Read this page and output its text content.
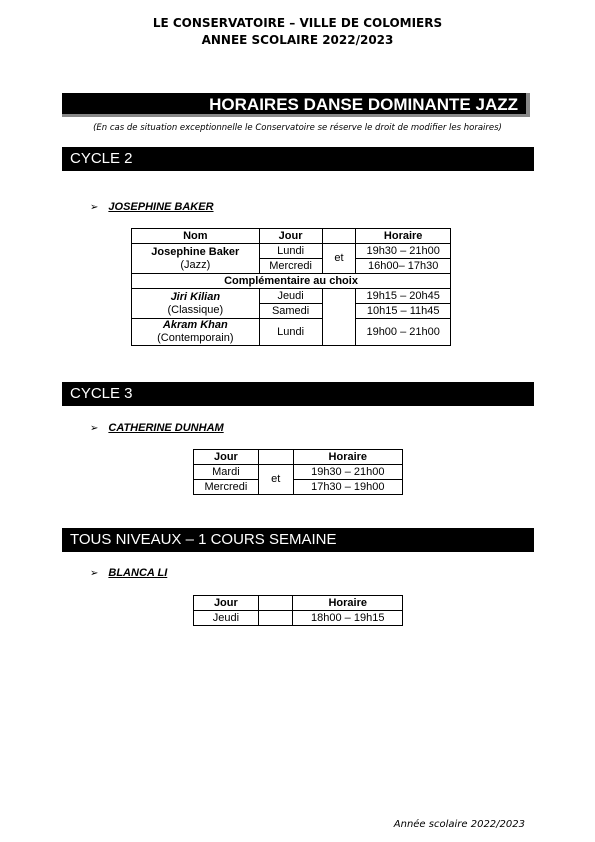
LE CONSERVATOIRE – VILLE DE COLOMIERS
ANNEE SCOLAIRE 2022/2023
HORAIRES DANSE DOMINANTE JAZZ
(En cas de situation exceptionnelle le Conservatoire se réserve le droit de modifier les horaires)
CYCLE 2
➢ JOSEPHINE BAKER
Nom	Jour		Horaire

Josephine Baker
(Jazz)	Lundi	et	19h30 – 21h00
	Mercredi		16h00– 17h30
Complémentaire au choix			

Jiri Kilian
(Classique)	Jeudi		19h15 – 20h45
	Samedi		10h15 – 11h45

Akram Khan
(Contemporain)	Lundi		19h00 – 21h00
CYCLE 3
➢ CATHERINE DUNHAM
Jour		Horaire
Mardi	et	19h30 – 21h00
Mercredi		17h30 – 19h00
TOUS NIVEAUX – 1 COURS SEMAINE
➢ BLANCA LI
Jour		Horaire
Jeudi		18h00 – 19h15
Année scolaire 2022/2023
